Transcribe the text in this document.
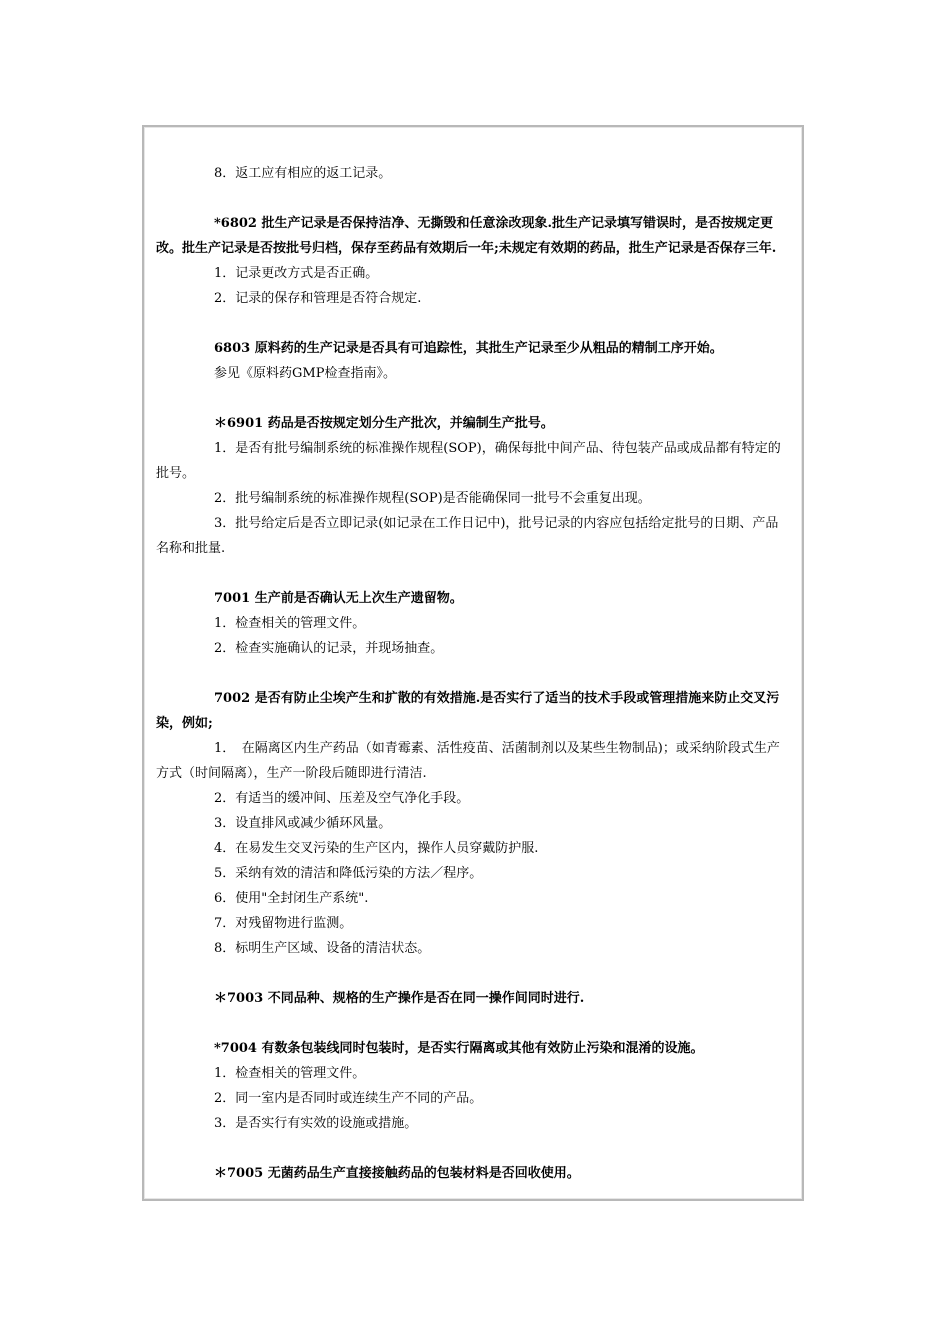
8．返工应有相应的返工记录。
*6802 批生产记录是否保持洁净、无撕毁和任意涂改现象.批生产记录填写错误时，是否按规定更改。批生产记录是否按批号归档，保存至药品有效期后一年;未规定有效期的药品，批生产记录是否保存三年.
1．记录更改方式是否正确。
2．记录的保存和管理是否符合规定.
6803 原料药的生产记录是否具有可追踪性，其批生产记录至少从粗品的精制工序开始。
参见《原料药GMP检查指南》。
＊6901 药品是否按规定划分生产批次，并编制生产批号。
1．是否有批号编制系统的标准操作规程(SOP)，确保每批中间产品、待包装产品或成品都有特定的批号。
2．批号编制系统的标准操作规程(SOP)是否能确保同一批号不会重复出现。
3．批号给定后是否立即记录(如记录在工作日记中)，批号记录的内容应包括给定批号的日期、产品名称和批量.
7001 生产前是否确认无上次生产遗留物。
1．检查相关的管理文件。
2．检查实施确认的记录，并现场抽查。
7002 是否有防止尘埃产生和扩散的有效措施.是否实行了适当的技术手段或管理措施来防止交叉污染，例如;
1．　在隔离区内生产药品（如青霉素、活性疫苗、活菌制剂以及某些生物制品)；或采纳阶段式生产方式（时间隔离），生产一阶段后随即进行清洁.
2．有适当的缓冲间、压差及空气净化手段。
3．设直排风或减少循环风量。
4．在易发生交叉污染的生产区内，操作人员穿戴防护服.
5．采纳有效的清洁和降低污染的方法／程序。
6．使用"全封闭生产系统".
7．对残留物进行监测。
8．标明生产区域、设备的清洁状态。
＊7003 不同品种、规格的生产操作是否在同一操作间同时进行.
*7004 有数条包装线同时包装时，是否实行隔离或其他有效防止污染和混淆的设施。
1．检查相关的管理文件。
2．同一室内是否同时或连续生产不同的产品。
3．是否实行有实效的设施或措施。
＊7005 无菌药品生产直接接触药品的包装材料是否回收使用。
